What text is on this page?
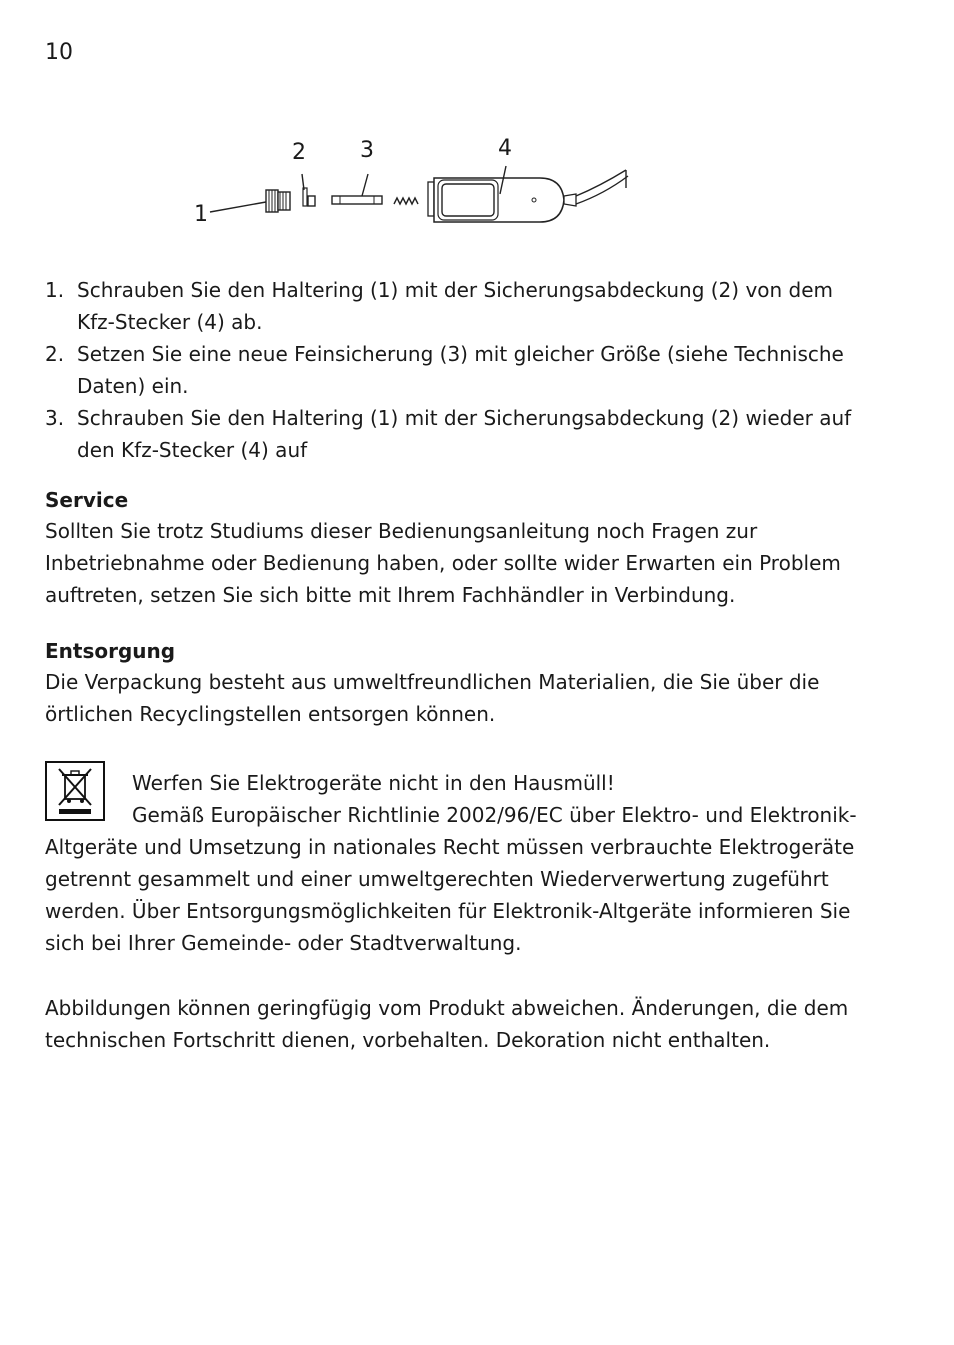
10
1
2 3	4
1. Schrauben Sie den Haltering (1) mit der Sicherungsabdeckung (2) von dem Kfz-Stecker (4) ab.
2. Setzen Sie eine neue Feinsicherung (3) mit gleicher Größe (siehe Technische Daten) ein.
3. Schrauben Sie den Haltering (1) mit der Sicherungsabdeckung (2) wieder auf den Kfz-Stecker (4) auf
Service

Sollten Sie trotz Studiums dieser Bedienungsanleitung noch Fragen zur Inbetriebnahme oder Bedienung haben, oder sollte wider Erwarten ein Problem auftreten, setzen Sie sich bitte mit Ihrem Fachhändler in Verbindung.

Entsorgung

Die Verpackung besteht aus umweltfreundlichen Materialien, die Sie über die örtlichen Recyclingstellen entsorgen können.

Werfen Sie Elektrogeräte nicht in den Hausmüll!
Gemäß Europäischer Richtlinie 2002/96/EC über Elektro- und Elektronik-Altgeräte und Umsetzung in nationales Recht müssen verbrauchte Elektrogeräte getrennt gesammelt und einer umweltgerechten Wiederverwertung zugeführt werden. Über Entsorgungsmöglichkeiten für Elektronik-Altgeräte informieren Sie sich bei Ihrer Gemeinde- oder Stadtverwaltung.
Abbildungen können geringfügig vom Produkt abweichen. Änderungen, die dem technischen Fortschritt dienen, vorbehalten. Dekoration nicht enthalten.
